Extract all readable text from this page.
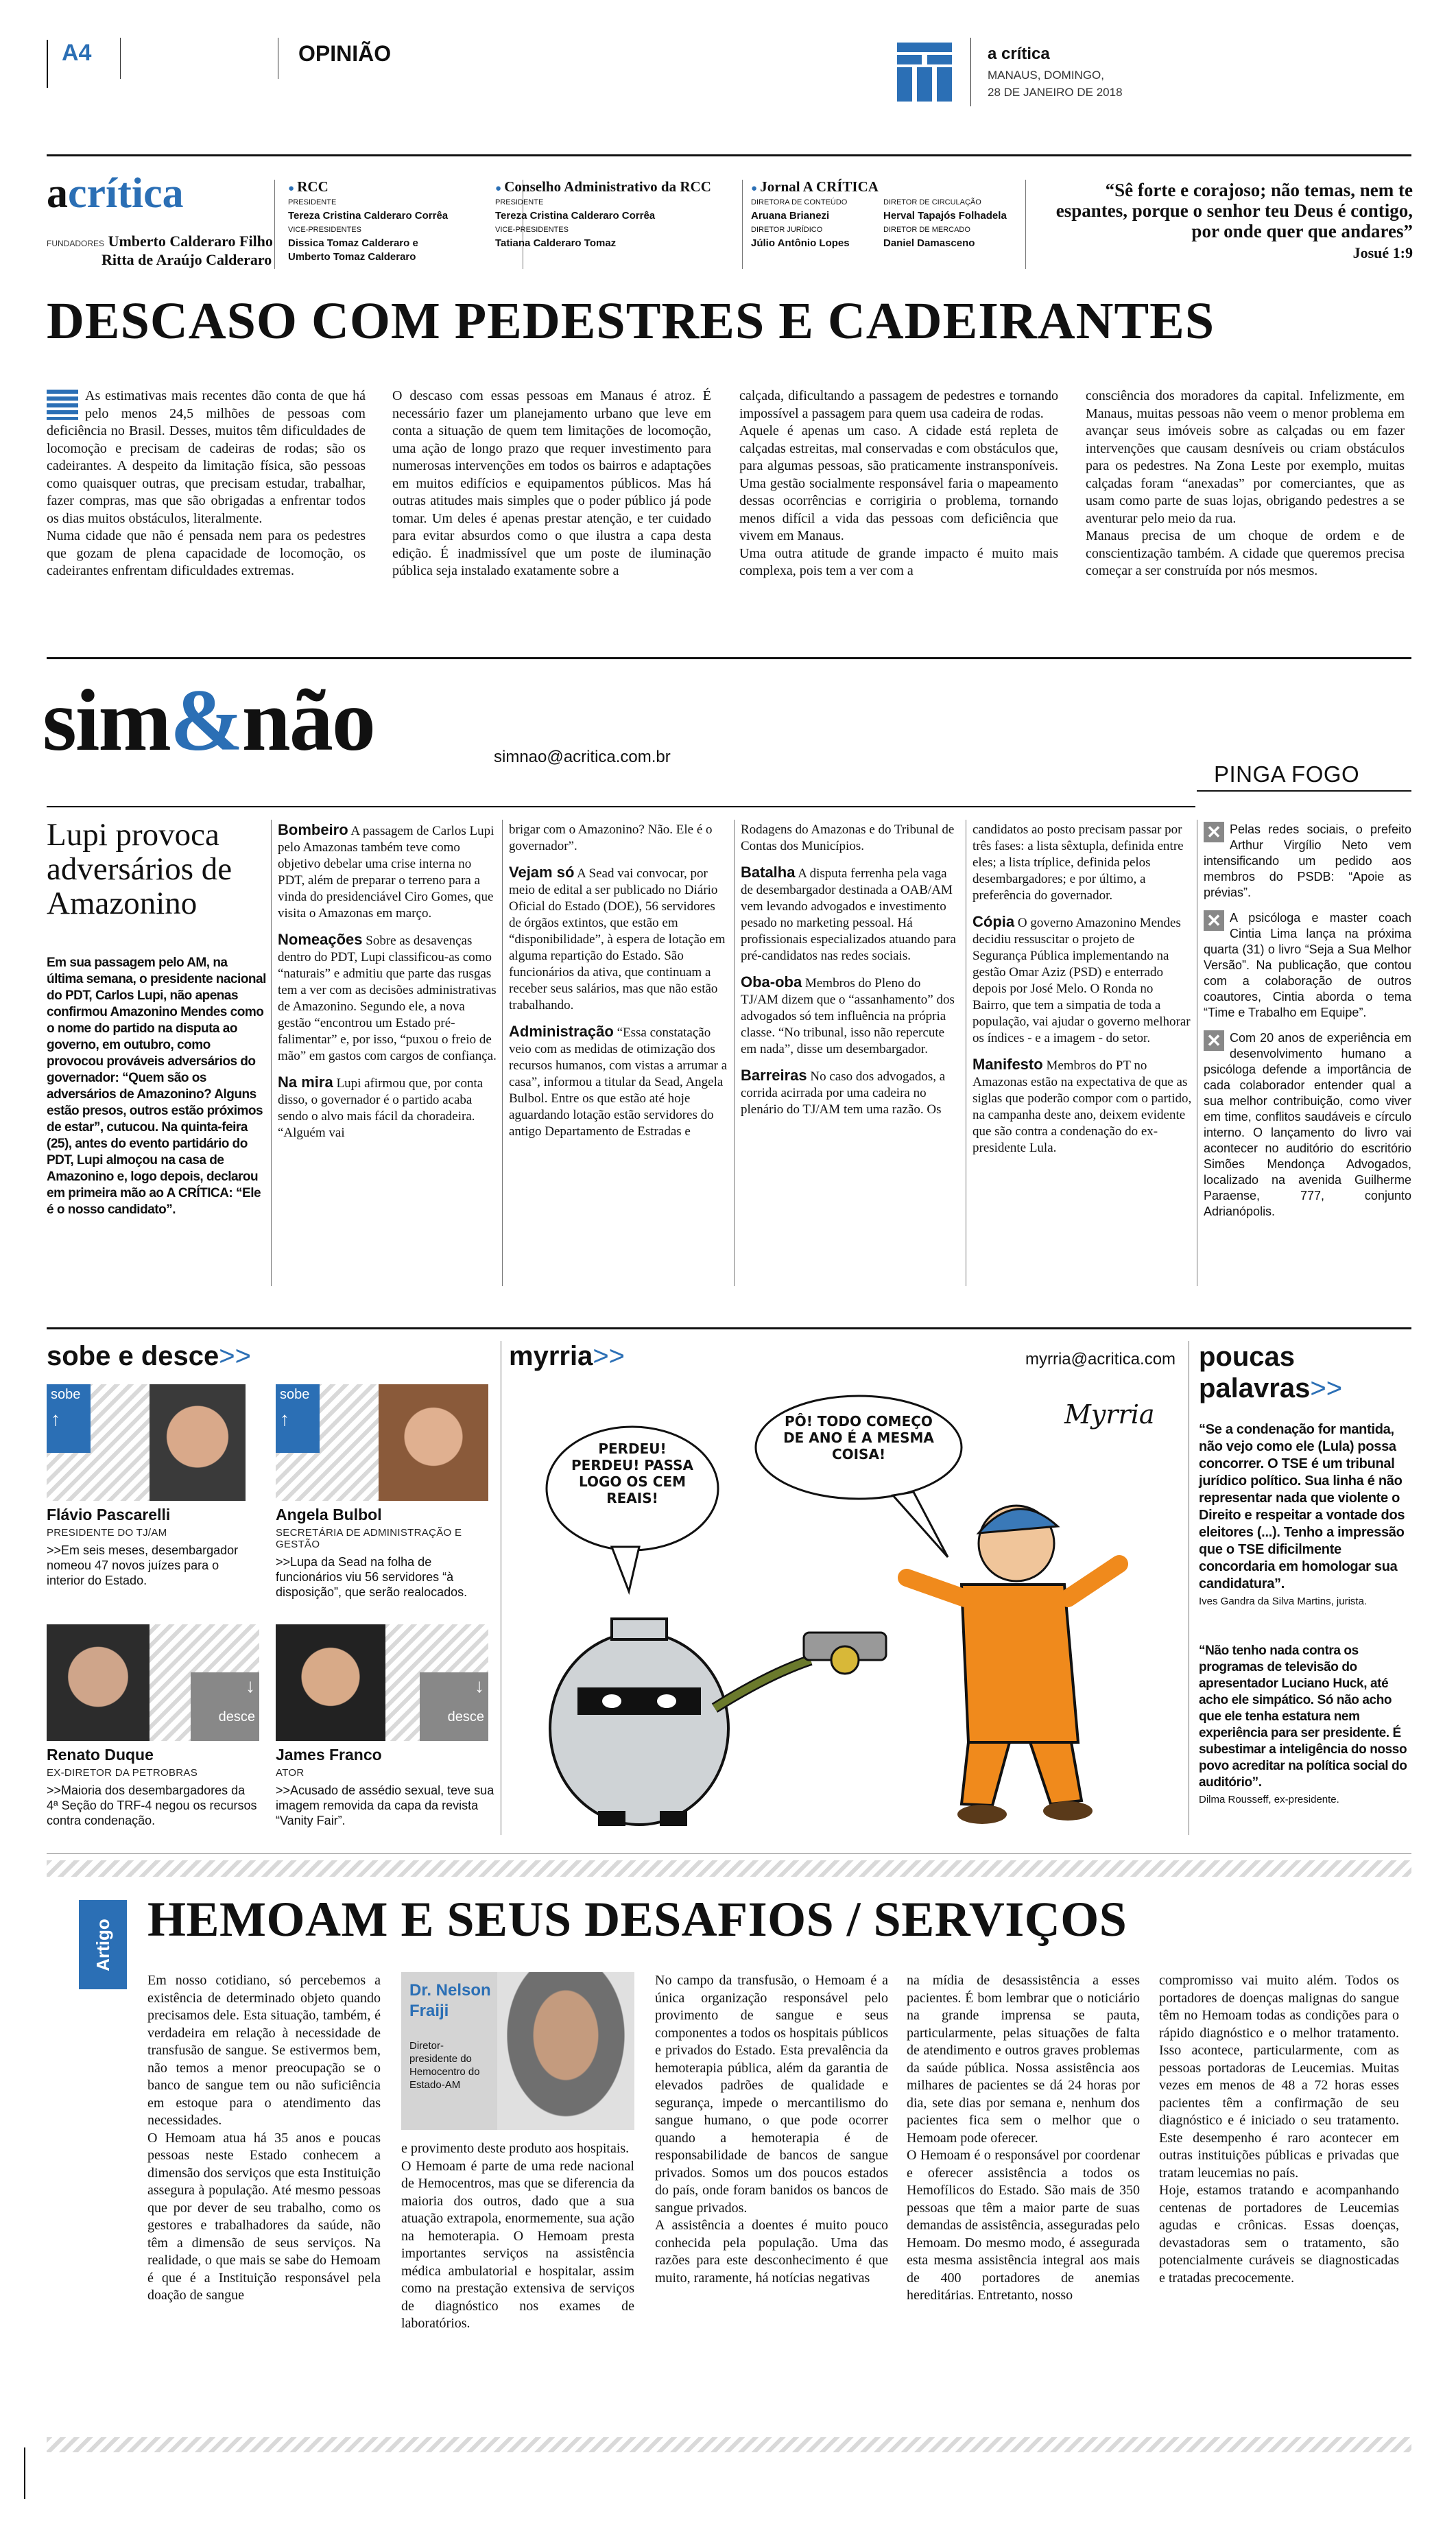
A4	OPINIÃO	a crítica
MANAUS, DOMINGO,
28 DE JANEIRO DE 2018
acrítica
FUNDADORES Umberto Calderaro Filho
Ritta de Araújo Calderaro
● RCC
PRESIDENTE
Tereza Cristina Calderaro Corrêa
VICE-PRESIDENTES
Dissica Tomaz Calderaro e
Umberto Tomaz Calderaro
● Conselho Administrativo da RCC
PRESIDENTE
Tereza Cristina Calderaro Corrêa
VICE-PRESIDENTES
Tatiana Calderaro Tomaz
● Jornal A CRÍTICA
DIRETORA DE CONTEÚDO
Aruana Brianezi
DIRETOR JURÍDICO
Júlio Antônio Lopes
DIRETOR DE CIRCULAÇÃO
Herval Tapajós Folhadela
DIRETOR DE MERCADO
Daniel Damasceno
“Sê forte e corajoso; não temas, nem te espantes, porque o senhor teu Deus é contigo, por onde quer que andares”
Josué 1:9
DESCASO COM PEDESTRES E CADEIRANTES

As estimativas mais recentes dão conta de que há pelo menos 24,5 milhões de pessoas com deficiência no Brasil. Desses, muitos têm dificuldades de locomoção e precisam de cadeiras de rodas; são os cadeirantes. A despeito da limitação física, são pessoas como quaisquer outras, que precisam estudar, trabalhar, fazer compras, mas que são obrigadas a enfrentar todos os dias muitos obstáculos, literalmente.

Numa cidade que não é pensada nem para os pedestres que gozam de plena capacidade de locomoção, os cadeirantes enfrentam dificuldades extremas.

O descaso com essas pessoas em Manaus é atroz. É necessário fazer um planejamento urbano que leve em conta a situação de quem tem limitações de locomoção, uma ação de longo prazo que requer investimento para numerosas intervenções em todos os bairros e adaptações em muitos edifícios e equipamentos públicos. Mas há outras atitudes mais simples que o poder público já pode tomar. Um deles é apenas prestar atenção, e ter cuidado para evitar absurdos como o que ilustra a capa desta edição. É inadmissível que um poste de iluminação pública seja instalado exatamente sobre a

calçada, dificultando a passagem de pedestres e tornando impossível a passagem para quem usa cadeira de rodas.

Aquele é apenas um caso. A cidade está repleta de calçadas estreitas, mal conservadas e com obstáculos que, para algumas pessoas, são praticamente instransponíveis. Uma gestão socialmente responsável faria o mapeamento dessas ocorrências e corrigiria o problema, tornando menos difícil a vida das pessoas com deficiência que vivem em Manaus.

Uma outra atitude de grande impacto é muito mais complexa, pois tem a ver com a

consciência dos moradores da capital. Infelizmente, em Manaus, muitas pessoas não veem o menor problema em avançar seus imóveis sobre as calçadas ou em fazer intervenções que causam desníveis ou criam obstáculos para os pedestres. Na Zona Leste por exemplo, muitas calçadas foram “anexadas” por comerciantes, que as usam como parte de suas lojas, obrigando pedestres a se aventurar pelo meio da rua.

Manaus precisa de um choque de ordem e de conscientização também. A cidade que queremos precisa começar a ser construída por nós mesmos.

sim&não	simnao@acritica.com.br
PINGA FOGO
Lupi provoca adversários de Amazonino
Em sua passagem pelo AM, na última semana, o presidente nacional do PDT, Carlos Lupi, não apenas confirmou Amazonino Mendes como o nome do partido na disputa ao governo, em outubro, como provocou prováveis adversários do governador: “Quem são os adversários de Amazonino? Alguns estão presos, outros estão próximos de estar”, cutucou. Na quinta-feira (25), antes do evento partidário do PDT, Lupi almoçou na casa de Amazonino e, logo depois, declarou em primeira mão ao A CRÍTICA: “Ele é o nosso candidato”.
Bombeiro A passagem de Carlos Lupi pelo Amazonas também teve como objetivo debelar uma crise interna no PDT, além de preparar o terreno para a vinda do presidenciável Ciro Gomes, que visita o Amazonas em março.
Nomeações Sobre as desavenças dentro do PDT, Lupi classificou-as como “naturais” e admitiu que parte das rusgas tem a ver com as decisões administrativas de Amazonino. Segundo ele, a nova gestão “encontrou um Estado pré-falimentar” e, por isso, “puxou o freio de mão” em gastos com cargos de confiança.
Na mira Lupi afirmou que, por conta disso, o governador é o partido acaba sendo o alvo mais fácil da choradeira. “Alguém vai
brigar com o Amazonino? Não. Ele é o governador”.
Vejam só A Sead vai convocar, por meio de edital a ser publicado no Diário Oficial do Estado (DOE), 56 servidores de órgãos extintos, que estão em “disponibilidade”, à espera de lotação em alguma repartição do Estado. São funcionários da ativa, que continuam a receber seus salários, mas que não estão trabalhando.
Administração “Essa constatação veio com as medidas de otimização dos recursos humanos, com vistas a arrumar a casa”, informou a titular da Sead, Angela Bulbol. Entre os que estão até hoje aguardando lotação estão servidores do antigo Departamento de Estradas e
Rodagens do Amazonas e do Tribunal de Contas dos Municípios.
Batalha A disputa ferrenha pela vaga de desembargador destinada a OAB/AM vem levando advogados e investimento pesado no marketing pessoal. Há profissionais especializados atuando para pré-candidatos nas redes sociais.
Oba-oba Membros do Pleno do TJ/AM dizem que o “assanhamento” dos advogados só tem influência na própria classe. “No tribunal, isso não repercute em nada”, disse um desembargador.
Barreiras No caso dos advogados, a corrida acirrada por uma cadeira no plenário do TJ/AM tem uma razão. Os
candidatos ao posto precisam passar por três fases: a lista sêxtupla, definida entre eles; a lista tríplice, definida pelos desembargadores; e por último, a preferência do governador.
Cópia O governo Amazonino Mendes decidiu ressuscitar o projeto de Segurança Pública implementando na gestão Omar Aziz (PSD) e enterrado depois por José Melo. O Ronda no Bairro, que tem a simpatia de toda a população, vai ajudar o governo melhorar os índices - e a imagem - do setor.
Manifesto Membros do PT no Amazonas estão na expectativa de que as siglas que poderão compor com o partido, na campanha deste ano, deixem evidente que são contra a condenação do ex-presidente Lula.

✕ Pelas redes sociais, o prefeito Arthur Virgílio Neto vem intensificando um pedido aos membros do PSDB: “Apoie as prévias”.

✕ A psicóloga e master coach Cintia Lima lança na próxima quarta (31) o livro “Seja a Sua Melhor Versão”. Na publicação, que contou com a colaboração de outros coautores, Cintia aborda o tema “Time e Trabalho em Equipe”.

✕ Com 20 anos de experiência em desenvolvimento humano a psicóloga defende a importância de cada colaborador entender qual a sua melhor contribuição, como viver em time, conflitos saudáveis e círculo interno. O lançamento do livro vai acontecer no auditório do escritório Simões Mendonça Advogados, localizado na avenida Guilherme Paraense, 777, conjunto Adrianópolis.

sobe e desce>>
sobe
↑
Flávio Pascarelli
PRESIDENTE DO TJ/AM
>>Em seis meses, desembargador nomeou 47 novos juízes para o interior do Estado.
sobe
↑
Angela Bulbol
SECRETÁRIA DE ADMINISTRAÇÃO E GESTÃO
>>Lupa da Sead na folha de funcionários viu 56 servidores “à disposição”, que serão realocados.
↓
desce
Renato Duque
EX-DIRETOR DA PETROBRAS
>>Maioria dos desembargadores da 4ª Seção do TRF-4 negou os recursos contra condenação.
↓
desce
James Franco
ATOR
>>Acusado de assédio sexual, teve sua imagem removida da capa da revista “Vanity Fair”.
myrria>>	myrria@acritica.com
Myrria
PERDEU! PERDEU! PASSA LOGO OS CEM REAIS!
PÔ! TODO COMEÇO DE ANO É A MESMA COISA!
poucas
palavras>>
“Se a condenação for mantida, não vejo como ele (Lula) possa concorrer. O TSE é um tribunal jurídico político. Sua linha é não representar nada que violente o Direito e respeitar a vontade dos eleitores (...). Tenho a impressão que o TSE dificilmente concordaria em homologar sua candidatura”.
Ives Gandra da Silva Martins, jurista.
“Não tenho nada contra os programas de televisão do apresentador Luciano Huck, até acho ele simpático. Só não acho que ele tenha estatura nem experiência para ser presidente. É subestimar a inteligência do nosso povo acreditar na política social do auditório”.
Dilma Rousseff, ex-presidente.
Artigo HEMOAM E SEUS DESAFIOS / SERVIÇOS

Em nosso cotidiano, só percebemos a existência de determinado objeto quando precisamos dele. Esta situação, também, é verdadeira em relação à necessidade de transfusão de sangue. Se estivermos bem, não temos a menor preocupação se o banco de sangue tem ou não suficiência em estoque para o atendimento das necessidades.

O Hemoam atua há 35 anos e poucas pessoas neste Estado conhecem a dimensão dos serviços que esta Instituição assegura à população. Até mesmo pessoas que por dever de seu trabalho, como os gestores e trabalhadores da saúde, não têm a dimensão de seus serviços. Na realidade, o que mais se sabe do Hemoam é que é a Instituição responsável pela doação de sangue

Dr. Nelson
Fraiji
Diretor-presidente do Hemocentro do Estado-AM

e provimento deste produto aos hospitais.

O Hemoam é parte de uma rede nacional de Hemocentros, mas que se diferencia da maioria dos outros, dado que a sua atuação extrapola, enormemente, sua ação na hemoterapia. O Hemoam presta importantes serviços na assistência médica ambulatorial e hospitalar, assim como na prestação extensiva de serviços de diagnóstico nos exames de laboratórios.

No campo da transfusão, o Hemoam é a única organização responsável pelo provimento de sangue e seus componentes a todos os hospitais públicos e privados do Estado. Esta prevalência da hemoterapia pública, além da garantia de elevados padrões de qualidade e segurança, impede o mercantilismo do sangue humano, o que pode ocorrer quando a hemoterapia é de responsabilidade de bancos de sangue privados. Somos um dos poucos estados do país, onde foram banidos os bancos de sangue privados.

A assistência a doentes é muito pouco conhecida pela população. Uma das razões para este desconhecimento é que muito, raramente, há notícias negativas

na mídia de desassistência a esses pacientes. É bom lembrar que o noticiário na grande imprensa se pauta, particularmente, pelas situações de falta de atendimento e outros graves problemas da saúde pública. Nossa assistência aos milhares de pacientes se dá 24 horas por dia, sete dias por semana e, nenhum dos pacientes fica sem o melhor que o Hemoam pode oferecer.

O Hemoam é o responsável por coordenar e oferecer assistência a todos os Hemofílicos do Estado. São mais de 350 pessoas que têm a maior parte de suas demandas de assistência, asseguradas pelo Hemoam. Do mesmo modo, é assegurada esta mesma assistência integral aos mais de 400 portadores de anemias hereditárias. Entretanto, nosso

compromisso vai muito além. Todos os portadores de doenças malignas do sangue têm no Hemoam todas as condições para o rápido diagnóstico e o melhor tratamento. Isso acontece, particularmente, com as pessoas portadoras de Leucemias. Muitas vezes em menos de 48 a 72 horas esses pacientes têm a confirmação de seu diagnóstico e é iniciado o seu tratamento. Este desempenho é raro acontecer em outras instituições públicas e privadas que tratam leucemias no país.

Hoje, estamos tratando e acompanhando centenas de portadores de Leucemias agudas e crônicas. Essas doenças, devastadoras sem o tratamento, são potencialmente curáveis se diagnosticadas e tratadas precocemente.
